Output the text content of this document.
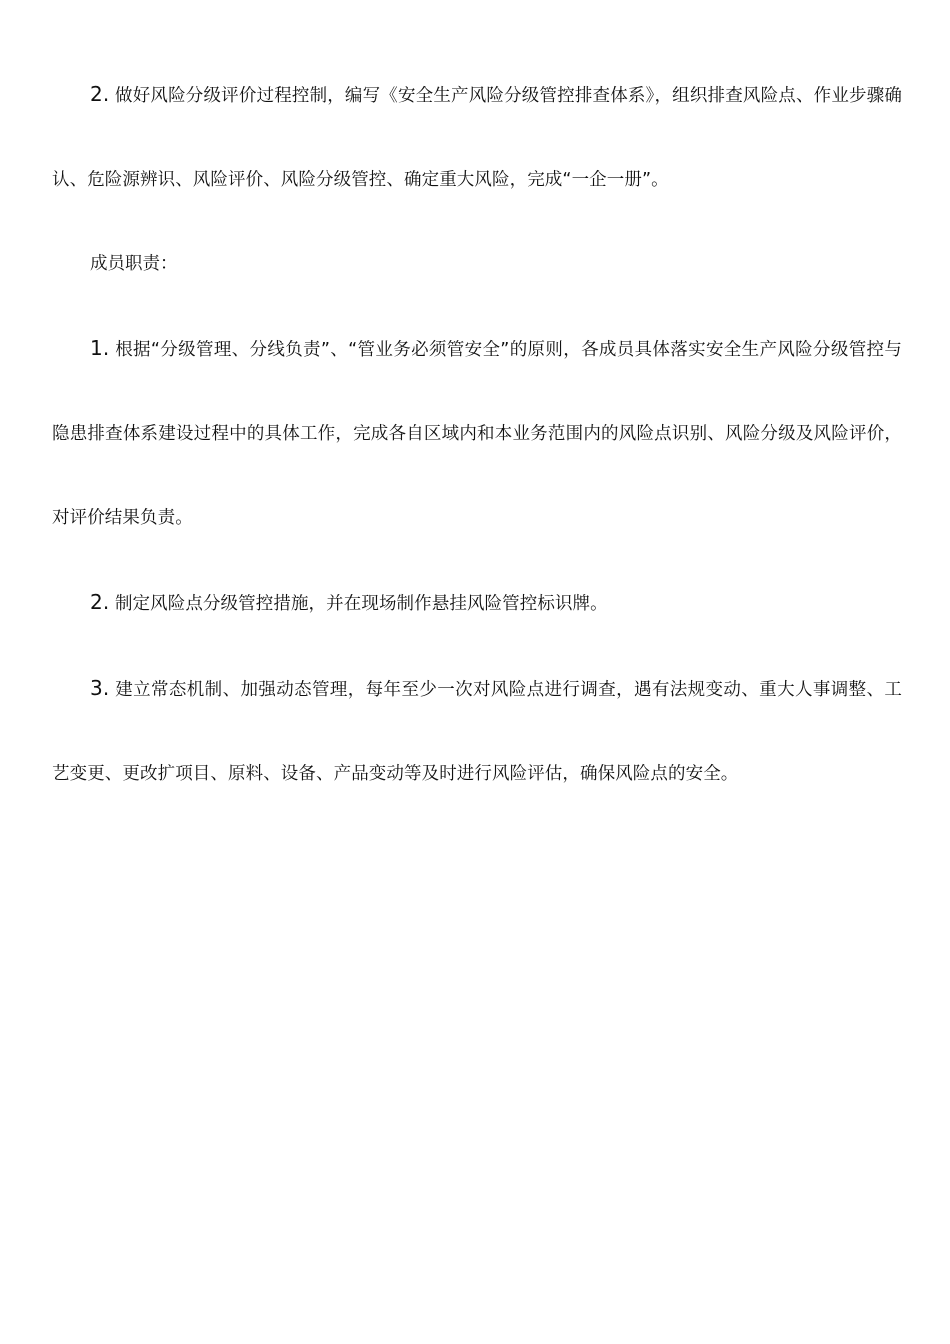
2. 做好风险分级评价过程控制，编写《安全生产风险分级管控排查体系》，组织排查风险点、作业步骤确认、危险源辨识、风险评价、风险分级管控、确定重大风险，完成“一企一册”。

成员职责：

1. 根据“分级管理、分线负责”、“管业务必须管安全”的原则，各成员具体落实安全生产风险分级管控与隐患排查体系建设过程中的具体工作，完成各自区域内和本业务范围内的风险点识别、风险分级及风险评价，对评价结果负责。

2. 制定风险点分级管控措施，并在现场制作悬挂风险管控标识牌。

3. 建立常态机制、加强动态管理，每年至少一次对风险点进行调查，遇有法规变动、重大人事调整、工艺变更、更改扩项目、原料、设备、产品变动等及时进行风险评估，确保风险点的安全。
